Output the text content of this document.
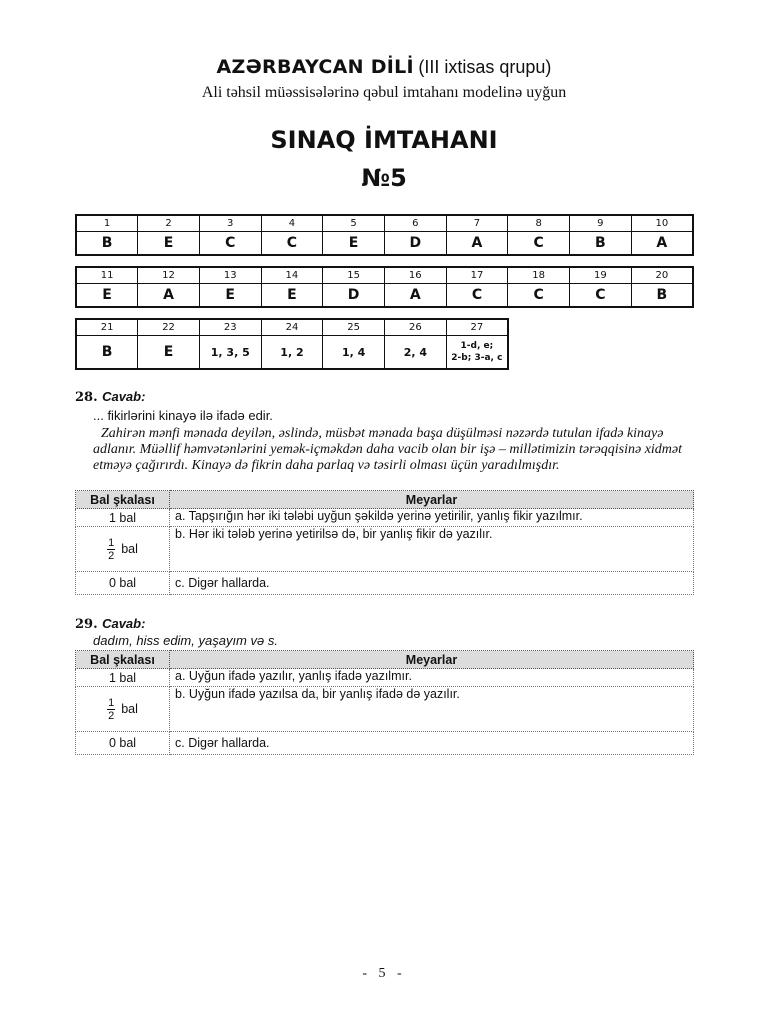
AZƏRBAYCAN DİLİ (III ixtisas qrupu)
Ali təhsil müəssisələrinə qəbul imtahanı modelinə uyğun
SINAQ İMTAHANI
№5
1	2	3	4	5	6	7	8	9	10
B	E	C	C	E	D	A	C	B	A
11	12	13	14	15	16	17	18	19	20
E	A	E	E	D	A	C	C	C	B
21	22	23	24	25	26	27
B	E	1, 3, 5	1, 2	1, 4	2, 4	1-d, e;
2-b; 3-a, c
28. Cavab:
... fikirlərini kinayə ilə ifadə edir.
Zahirən mənfi mənada deyilən, əslində, müsbət mənada başa düşülməsi nəzərdə tutulan ifadə kinayə adlanır. Müəllif həmvətənlərini yemək-içməkdən daha vacib olan bir işə – millətimizin tərəqqisinə xidmət etməyə çağırırdı. Kinayə də fikrin daha parlaq və təsirli olması üçün yaradılmışdır.
Bal şkalası	Meyarlar
1 bal	a. Tapşırığın hər iki tələbi uyğun şəkildə yerinə yetirilir, yanlış fikir yazılmır.

$\frac{1}{2}$ bal	b. Hər iki tələb yerinə yetirilsə də, bir yanlış fikir də yazılır.
0 bal	c. Digər hallarda.
29. Cavab:
dadım, hiss edim, yaşayım və s.
Bal şkalası	Meyarlar
1 bal	a. Uyğun ifadə yazılır, yanlış ifadə yazılmır.

$\frac{1}{2}$ bal	b. Uyğun ifadə yazılsa da, bir yanlış ifadə də yazılır.
0 bal	c. Digər hallarda.
- 5 -
